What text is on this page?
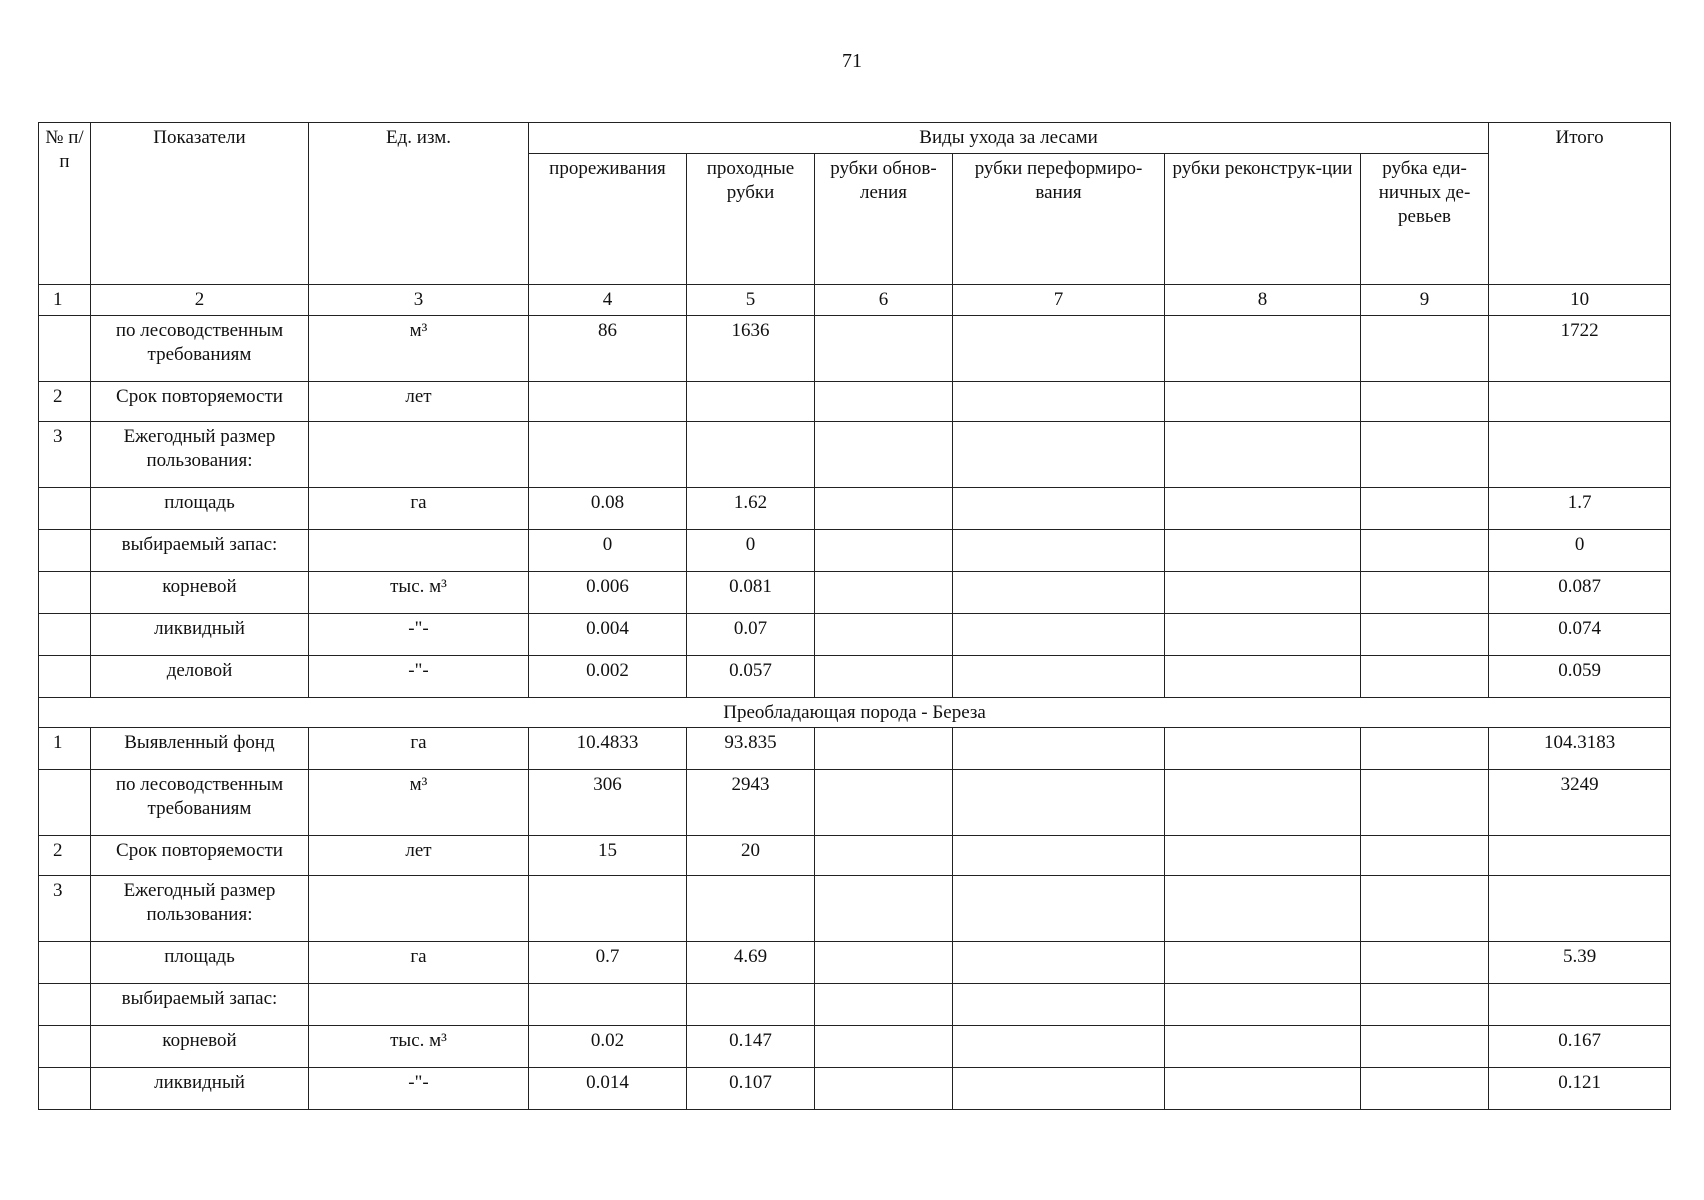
71
№ п/п	Показатели	Ед. изм.	Виды ухода за лесами						Итого
			прореживания	проходные рубки	рубки обнов-ления	рубки переформиро-вания	рубки реконструк-ции	рубка еди-ничных де-ревьев	
1	2	3	4	5	6	7	8	9	10
	по лесоводственным требованиям	м³	86	1636					1722
2	Срок повторяемости	лет							
3	Ежегодный размер пользования:								
	площадь	га	0.08	1.62					1.7
	выбираемый запас:		0	0					0
	корневой	тыс. м³	0.006	0.081					0.087
	ликвидный	-"-	0.004	0.07					0.074
	деловой	-"-	0.002	0.057					0.059
Преобладающая порода - Береза									
1	Выявленный фонд	га	10.4833	93.835					104.3183
	по лесоводственным требованиям	м³	306	2943					3249
2	Срок повторяемости	лет	15	20					
3	Ежегодный размер пользования:								
	площадь	га	0.7	4.69					5.39
	выбираемый запас:								
	корневой	тыс. м³	0.02	0.147					0.167
	ликвидный	-"-	0.014	0.107					0.121
